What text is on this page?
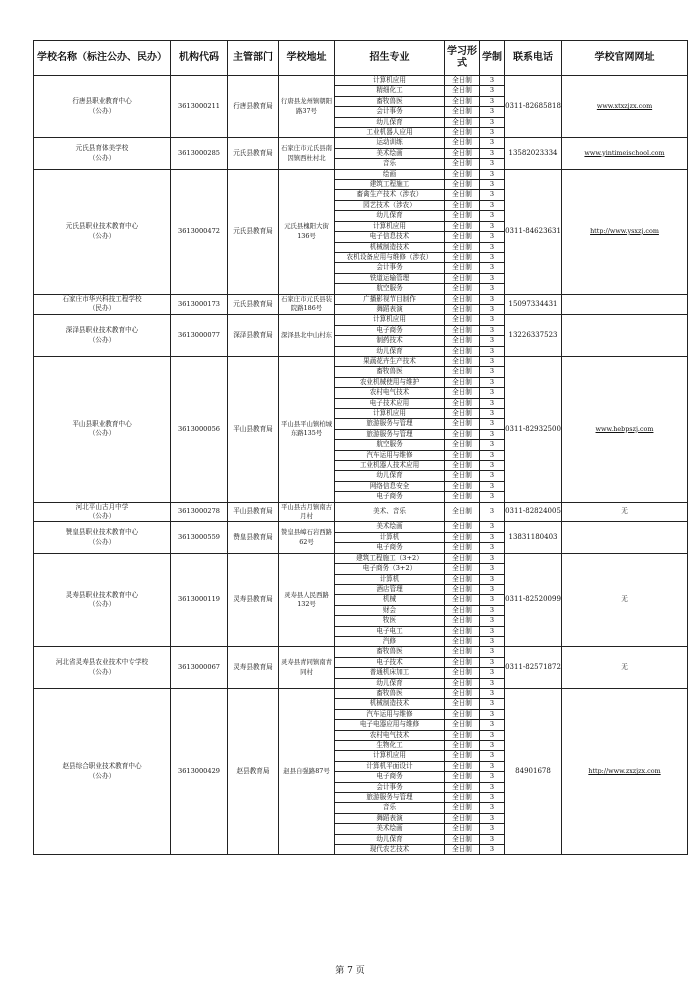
学校名称（标注公办、民办）	机构代码	主管部门	学校地址	招生专业	学习形式	学制	联系电话	学校官网网址
行唐县职业教育中心
（公办）	3613000211	行唐县教育局	行唐县龙州镇朝阳路37号	计算机应用	全日制	3	0311-82685818	www.xtxzjzx.com
				精细化工	全日制	3		
				畜牧兽医	全日制	3		
				会计事务	全日制	3		
				幼儿保育	全日制	3		
				工业机器人应用	全日制	3		
元氏县育体美学校
（公办）	3613000285	元氏县教育局	石家庄市元氏县南因镇西杜村北	运动训练	全日制	3	13582023334	www.yintimeischool.com
				美术绘画	全日制	3		
				音乐	全日制	3		
元氏县职业技术教育中心
（公办）	3613000472	元氏县教育局	元氏县槐阳大街136号	绘画	全日制	3	0311-84623631	http://www.ysxzj.com
				建筑工程施工	全日制	3		
				畜禽生产技术（涉农）	全日制	3		
				园艺技术（涉农）	全日制	3		
				幼儿保育	全日制	3		
				计算机应用	全日制	3		
				电子信息技术	全日制	3		
				机械制造技术	全日制	3		
				农机设备应用与维修（涉农）	全日制	3		
				会计事务	全日制	3		
				铁道运输管理	全日制	3		
				航空服务	全日制	3		
石家庄市华兴科技工程学校
（民办）	3613000173	元氏县教育局	石家庄市元氏县装院路186号	广播影视节目制作	全日制	3	15097334431	
				舞蹈表演	全日制	3		
深泽县职业技术教育中心
（公办）	3613000077	深泽县教育局	深泽县北中山村东	计算机应用	全日制	3	13226337523	
				电子商务	全日制	3		
				制药技术	全日制	3		
				幼儿保育	全日制	3		
平山县职业教育中心
（公办）	3613000056	平山县教育局	平山县平山镇柏城东路135号	果蔬花卉生产技术	全日制	3	0311-82932500	www.hebpszj.com
				畜牧兽医	全日制	3		
				农业机械使用与维护	全日制	3		
				农村电气技术	全日制	3		
				电子技术应用	全日制	3		
				计算机应用	全日制	3		
				旅游服务与管理	全日制	3		
				旅游服务与管理	全日制	3		
				航空服务	全日制	3		
				汽车运用与维修	全日制	3		
				工业机器人技术应用	全日制	3		
				幼儿保育	全日制	3		
				网络信息安全	全日制	3		
				电子商务	全日制	3		
河北平山古月中学
（公办）	3613000278	平山县教育局	平山县古月镇南古月村	美术、音乐	全日制	3	0311-82824005	无
赞皇县职业技术教育中心
（公办）	3613000559	赞皇县教育局	赞皇县嶂石岩西路62号	美术绘画	全日制	3	13831180403	
				计算机	全日制	3		
				电子商务	全日制	3		
灵寿县职业技术教育中心
（公办）	3613000119	灵寿县教育局	灵寿县人民西路132号	建筑工程施工（3+2）	全日制	3	0311-82520099	无
				电子商务（3+2）	全日制	3		
				计算机	全日制	3		
				酒店管理	全日制	3		
				机械	全日制	3		
				财会	全日制	3		
				牧医	全日制	3		
				电子电工	全日制	3		
				汽修	全日制	3		
河北省灵寿县农业技术中专学校
（公办）	3613000067	灵寿县教育局	灵寿县青同镇南青同村	畜牧兽医	全日制	3	0311-82571872	无
				电子技术	全日制	3		
				普通机床加工	全日制	3		
				幼儿保育	全日制	3		
赵县综合职业技术教育中心
（公办）	3613000429	赵县教育局	赵县自强路87号	畜牧兽医	全日制	3	84901678	http://www.zxzjzx.com
				机械制造技术	全日制	3		
				汽车运用与维修	全日制	3		
				电子电器应用与维修	全日制	3		
				农村电气技术	全日制	3		
				生物化工	全日制	3		
				计算机应用	全日制	3		
				计算机平面设计	全日制	3		
				电子商务	全日制	3		
				会计事务	全日制	3		
				旅游服务与管理	全日制	3		
				音乐	全日制	3		
				舞蹈表演	全日制	3		
				美术绘画	全日制	3		
				幼儿保育	全日制	3		
				现代农艺技术	全日制	3		
第 7 页
